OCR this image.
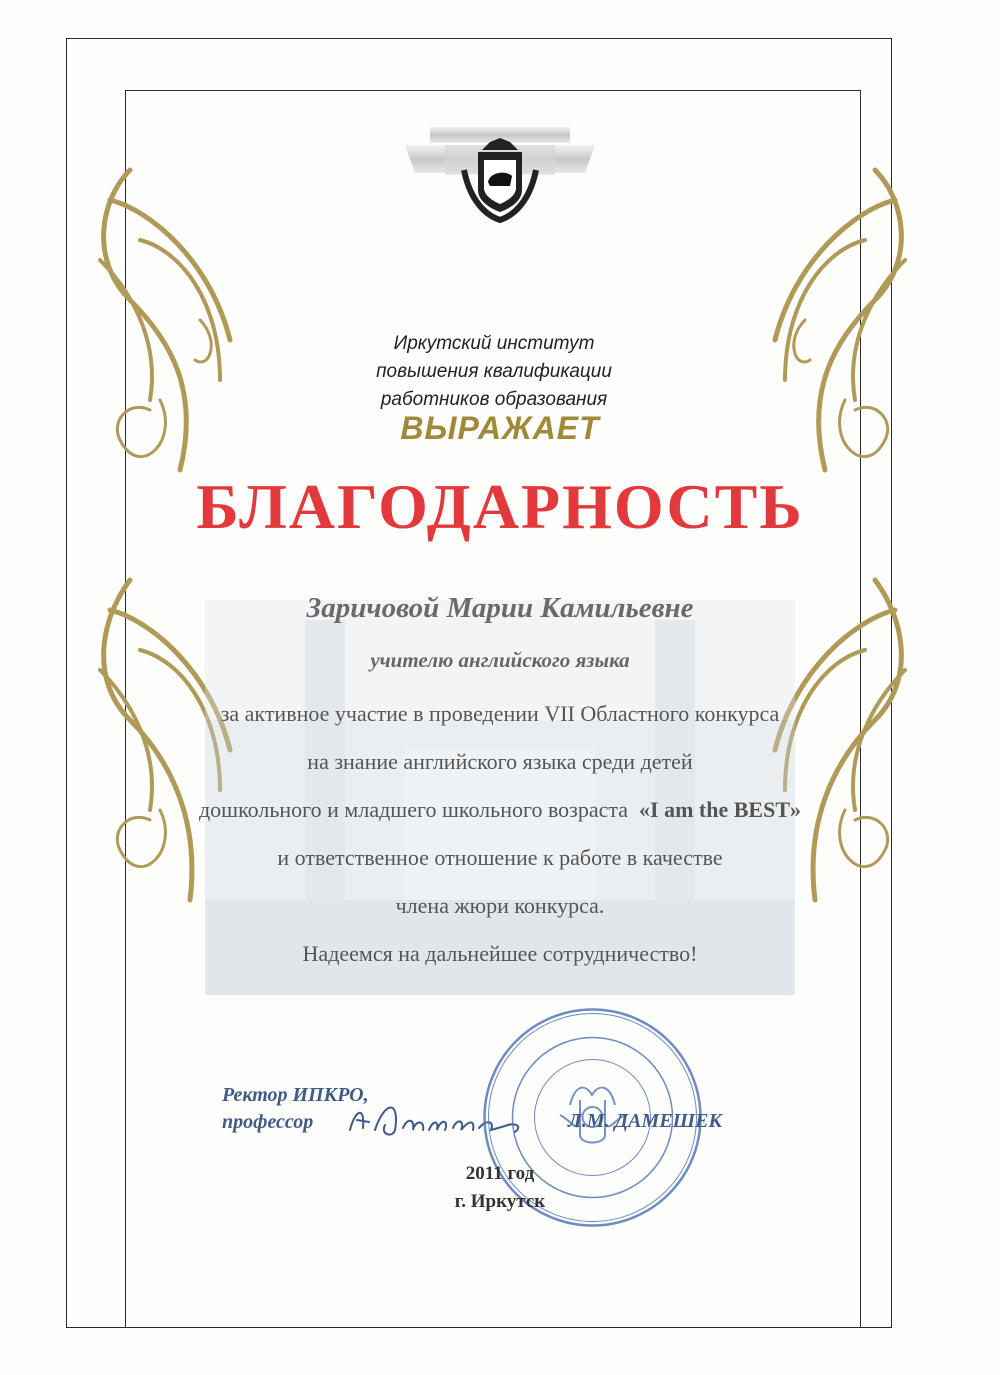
Иркутский институт
повышения квалификации
работников образования
ВЫРАЖАЕТ
БЛАГОДАРНОСТЬ
Заричовой Марии Камильевне
учителю английского языка
за активное участие в проведении VII Областного конкурса
на знание английского языка среди детей
дошкольного и младшего школьного возраста «I am the BEST»
и ответственное отношение к работе в качестве
члена жюри конкурса.
Надеемся на дальнейшее сотрудничество!
Ректор ИПКРО,
профессор	Л.М. ДАМЕШЕК
2011 год
г. Иркутск
